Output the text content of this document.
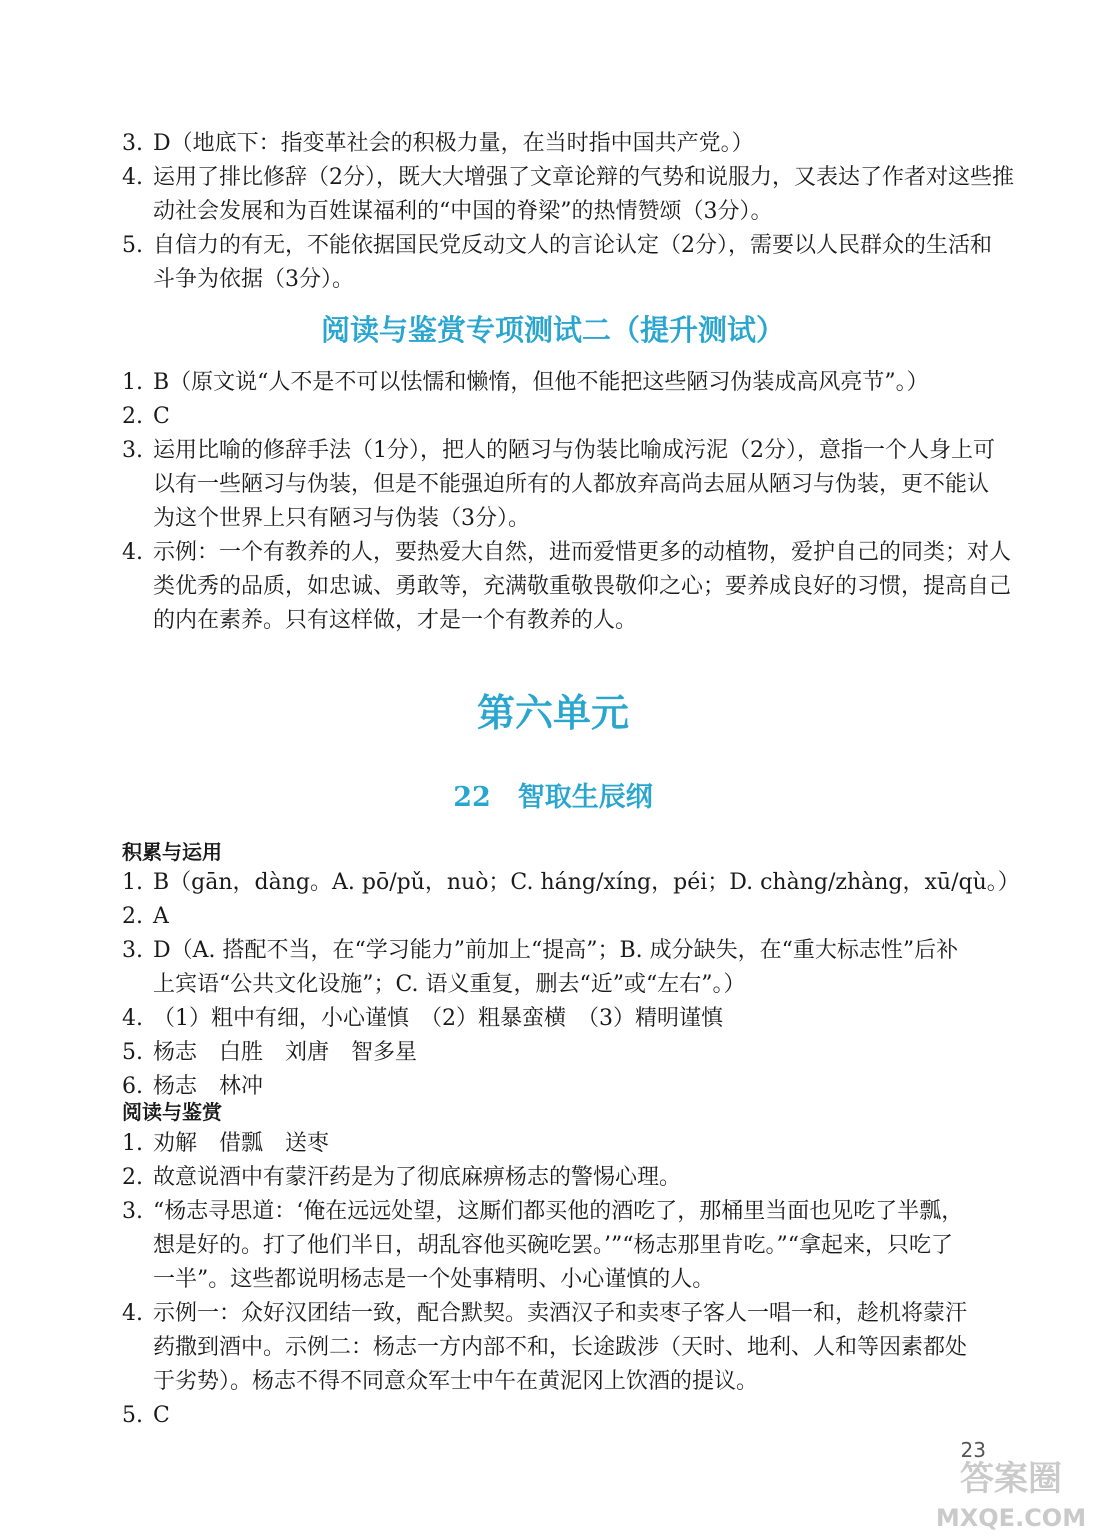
3. D（地底下：指变革社会的积极力量，在当时指中国共产党。）
4. 运用了排比修辞（2分），既大大增强了文章论辩的气势和说服力，又表达了作者对这些推
动社会发展和为百姓谋福利的“中国的脊梁”的热情赞颂（3分）。
5. 自信力的有无，不能依据国民党反动文人的言论认定（2分），需要以人民群众的生活和
斗争为依据（3分）。
阅读与鉴赏专项测试二（提升测试）
1. B（原文说“人不是不可以怯懦和懒惰，但他不能把这些陋习伪装成高风亮节”。）
2. C
3. 运用比喻的修辞手法（1分），把人的陋习与伪装比喻成污泥（2分），意指一个人身上可
以有一些陋习与伪装，但是不能强迫所有的人都放弃高尚去屈从陋习与伪装，更不能认
为这个世界上只有陋习与伪装（3分）。
4. 示例：一个有教养的人，要热爱大自然，进而爱惜更多的动植物，爱护自己的同类；对人
类优秀的品质，如忠诚、勇敢等，充满敬重敬畏敬仰之心；要养成良好的习惯，提高自己
的内在素养。只有这样做，才是一个有教养的人。
第六单元
22　智取生辰纲
积累与运用
1. B（gān，dàng。A. pō/pǔ，nuò；C. háng/xíng，péi；D. chàng/zhàng，xū/qù。）
2. A
3. D（A. 搭配不当，在“学习能力”前加上“提高”；B. 成分缺失，在“重大标志性”后补
上宾语“公共文化设施”；C. 语义重复，删去“近”或“左右”。）
4. （1）粗中有细，小心谨慎　（2）粗暴蛮横　（3）精明谨慎
5. 杨志　白胜　刘唐　智多星
6. 杨志　林冲
阅读与鉴赏
1. 劝解　借瓢　送枣
2. 故意说酒中有蒙汗药是为了彻底麻痹杨志的警惕心理。
3. “杨志寻思道：‘俺在远远处望，这厮们都买他的酒吃了，那桶里当面也见吃了半瓢，
想是好的。打了他们半日，胡乱容他买碗吃罢。’”“杨志那里肯吃。”“拿起来，只吃了
一半”。这些都说明杨志是一个处事精明、小心谨慎的人。
4. 示例一：众好汉团结一致，配合默契。卖酒汉子和卖枣子客人一唱一和，趁机将蒙汗
药撒到酒中。示例二：杨志一方内部不和，长途跋涉（天时、地利、人和等因素都处
于劣势）。杨志不得不同意众军士中午在黄泥冈上饮酒的提议。
5. C
23
答案圈
MXQE.COM
